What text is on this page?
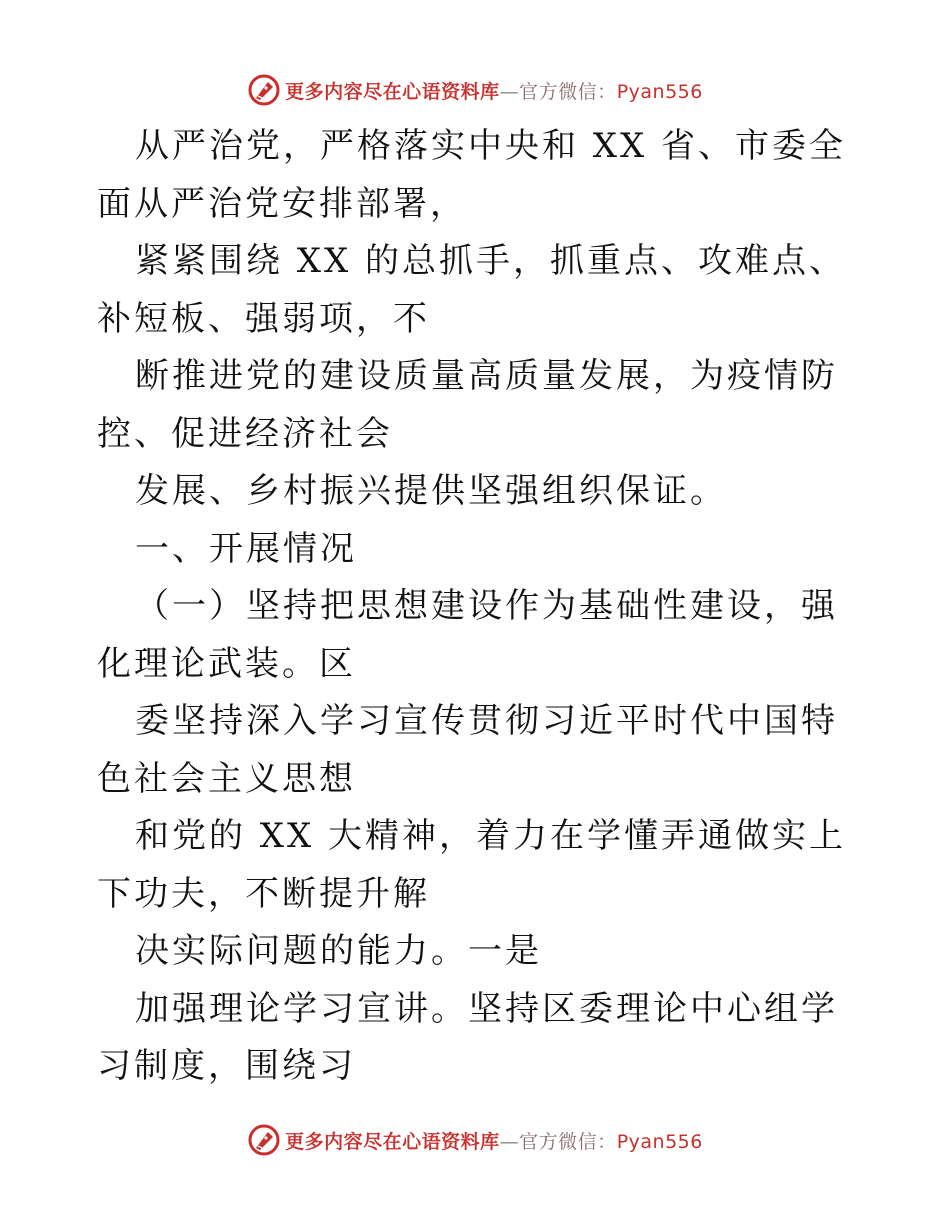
更多内容尽在心语资料库—官方微信：Pyan556

从严治党，严格落实中央和 XX 省、市委全面从严治党安排部署，

紧紧围绕 XX 的总抓手，抓重点、攻难点、补短板、强弱项，不

断推进党的建设质量高质量发展，为疫情防控、促进经济社会

发展、乡村振兴提供坚强组织保证。

一、开展情况

（一）坚持把思想建设作为基础性建设，强化理论武装。区

委坚持深入学习宣传贯彻习近平时代中国特色社会主义思想

和党的 XX 大精神，着力在学懂弄通做实上下功夫，不断提升解

决实际问题的能力。一是

加强理论学习宣讲。坚持区委理论中心组学习制度，围绕习

更多内容尽在心语资料库—官方微信：Pyan556
